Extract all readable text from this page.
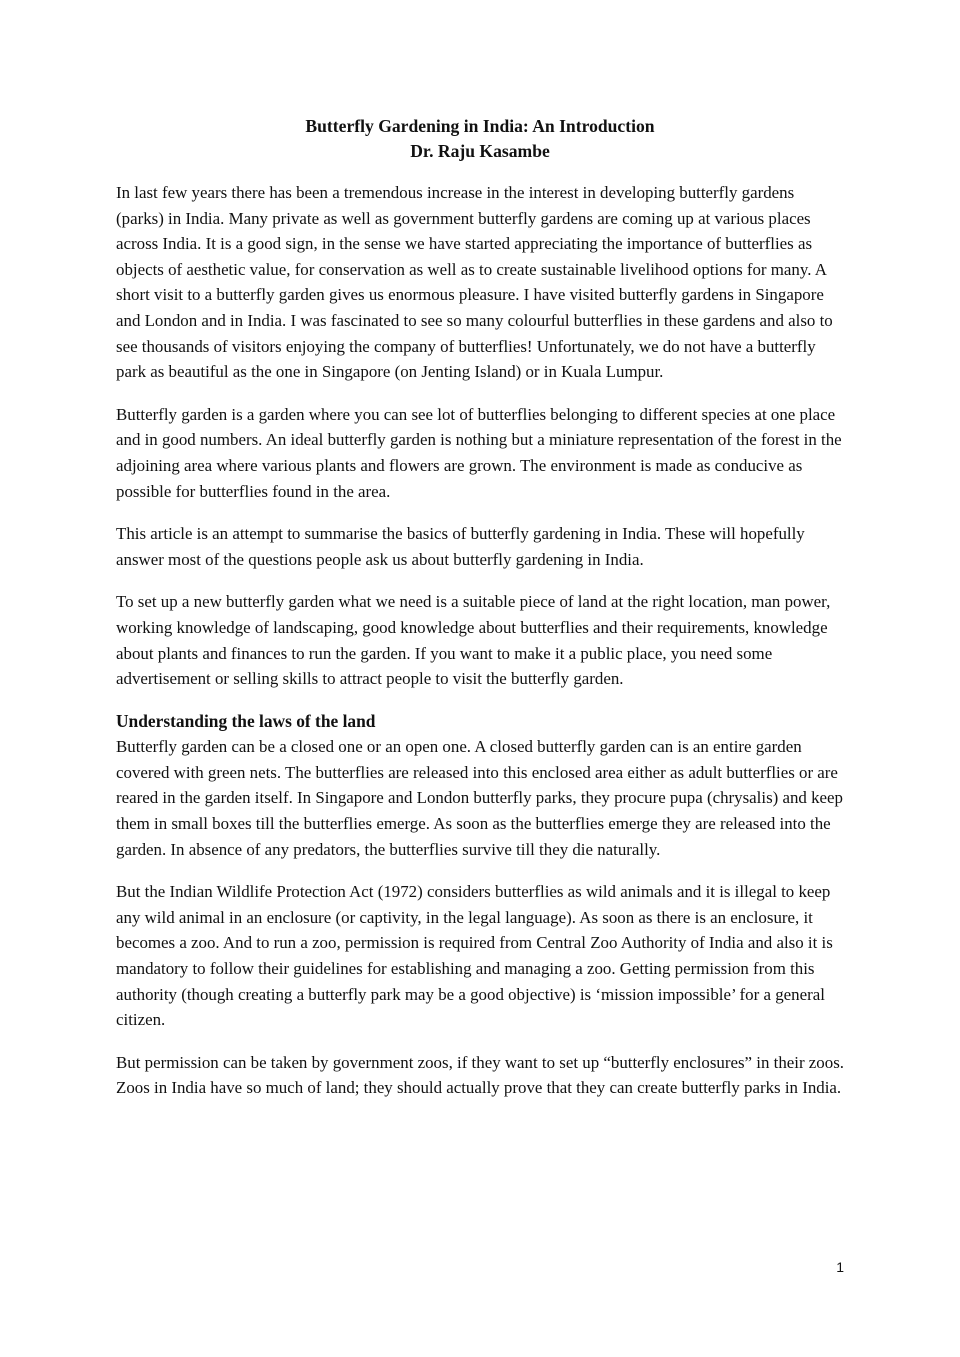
Butterfly Gardening in India: An Introduction
Dr. Raju Kasambe

In last few years there has been a tremendous increase in the interest in developing butterfly gardens (parks) in India. Many private as well as government butterfly gardens are coming up at various places across India. It is a good sign, in the sense we have started appreciating the importance of butterflies as objects of aesthetic value, for conservation as well as to create sustainable livelihood options for many. A short visit to a butterfly garden gives us enormous pleasure. I have visited butterfly gardens in Singapore and London and in India. I was fascinated to see so many colourful butterflies in these gardens and also to see thousands of visitors enjoying the company of butterflies! Unfortunately, we do not have a butterfly park as beautiful as the one in Singapore (on Jenting Island) or in Kuala Lumpur.

Butterfly garden is a garden where you can see lot of butterflies belonging to different species at one place and in good numbers. An ideal butterfly garden is nothing but a miniature representation of the forest in the adjoining area where various plants and flowers are grown. The environment is made as conducive as possible for butterflies found in the area.

This article is an attempt to summarise the basics of butterfly gardening in India. These will hopefully answer most of the questions people ask us about butterfly gardening in India.

To set up a new butterfly garden what we need is a suitable piece of land at the right location, man power, working knowledge of landscaping, good knowledge about butterflies and their requirements, knowledge about plants and finances to run the garden. If you want to make it a public place, you need some advertisement or selling skills to attract people to visit the butterfly garden.

Understanding the laws of the land

Butterfly garden can be a closed one or an open one. A closed butterfly garden can is an entire garden covered with green nets. The butterflies are released into this enclosed area either as adult butterflies or are reared in the garden itself. In Singapore and London butterfly parks, they procure pupa (chrysalis) and keep them in small boxes till the butterflies emerge. As soon as the butterflies emerge they are released into the garden. In absence of any predators, the butterflies survive till they die naturally.

But the Indian Wildlife Protection Act (1972) considers butterflies as wild animals and it is illegal to keep any wild animal in an enclosure (or captivity, in the legal language). As soon as there is an enclosure, it becomes a zoo. And to run a zoo, permission is required from Central Zoo Authority of India and also it is mandatory to follow their guidelines for establishing and managing a zoo. Getting permission from this authority (though creating a butterfly park may be a good objective) is ‘mission impossible’ for a general citizen.

But permission can be taken by government zoos, if they want to set up “butterfly enclosures” in their zoos. Zoos in India have so much of land; they should actually prove that they can create butterfly parks in India.

1
